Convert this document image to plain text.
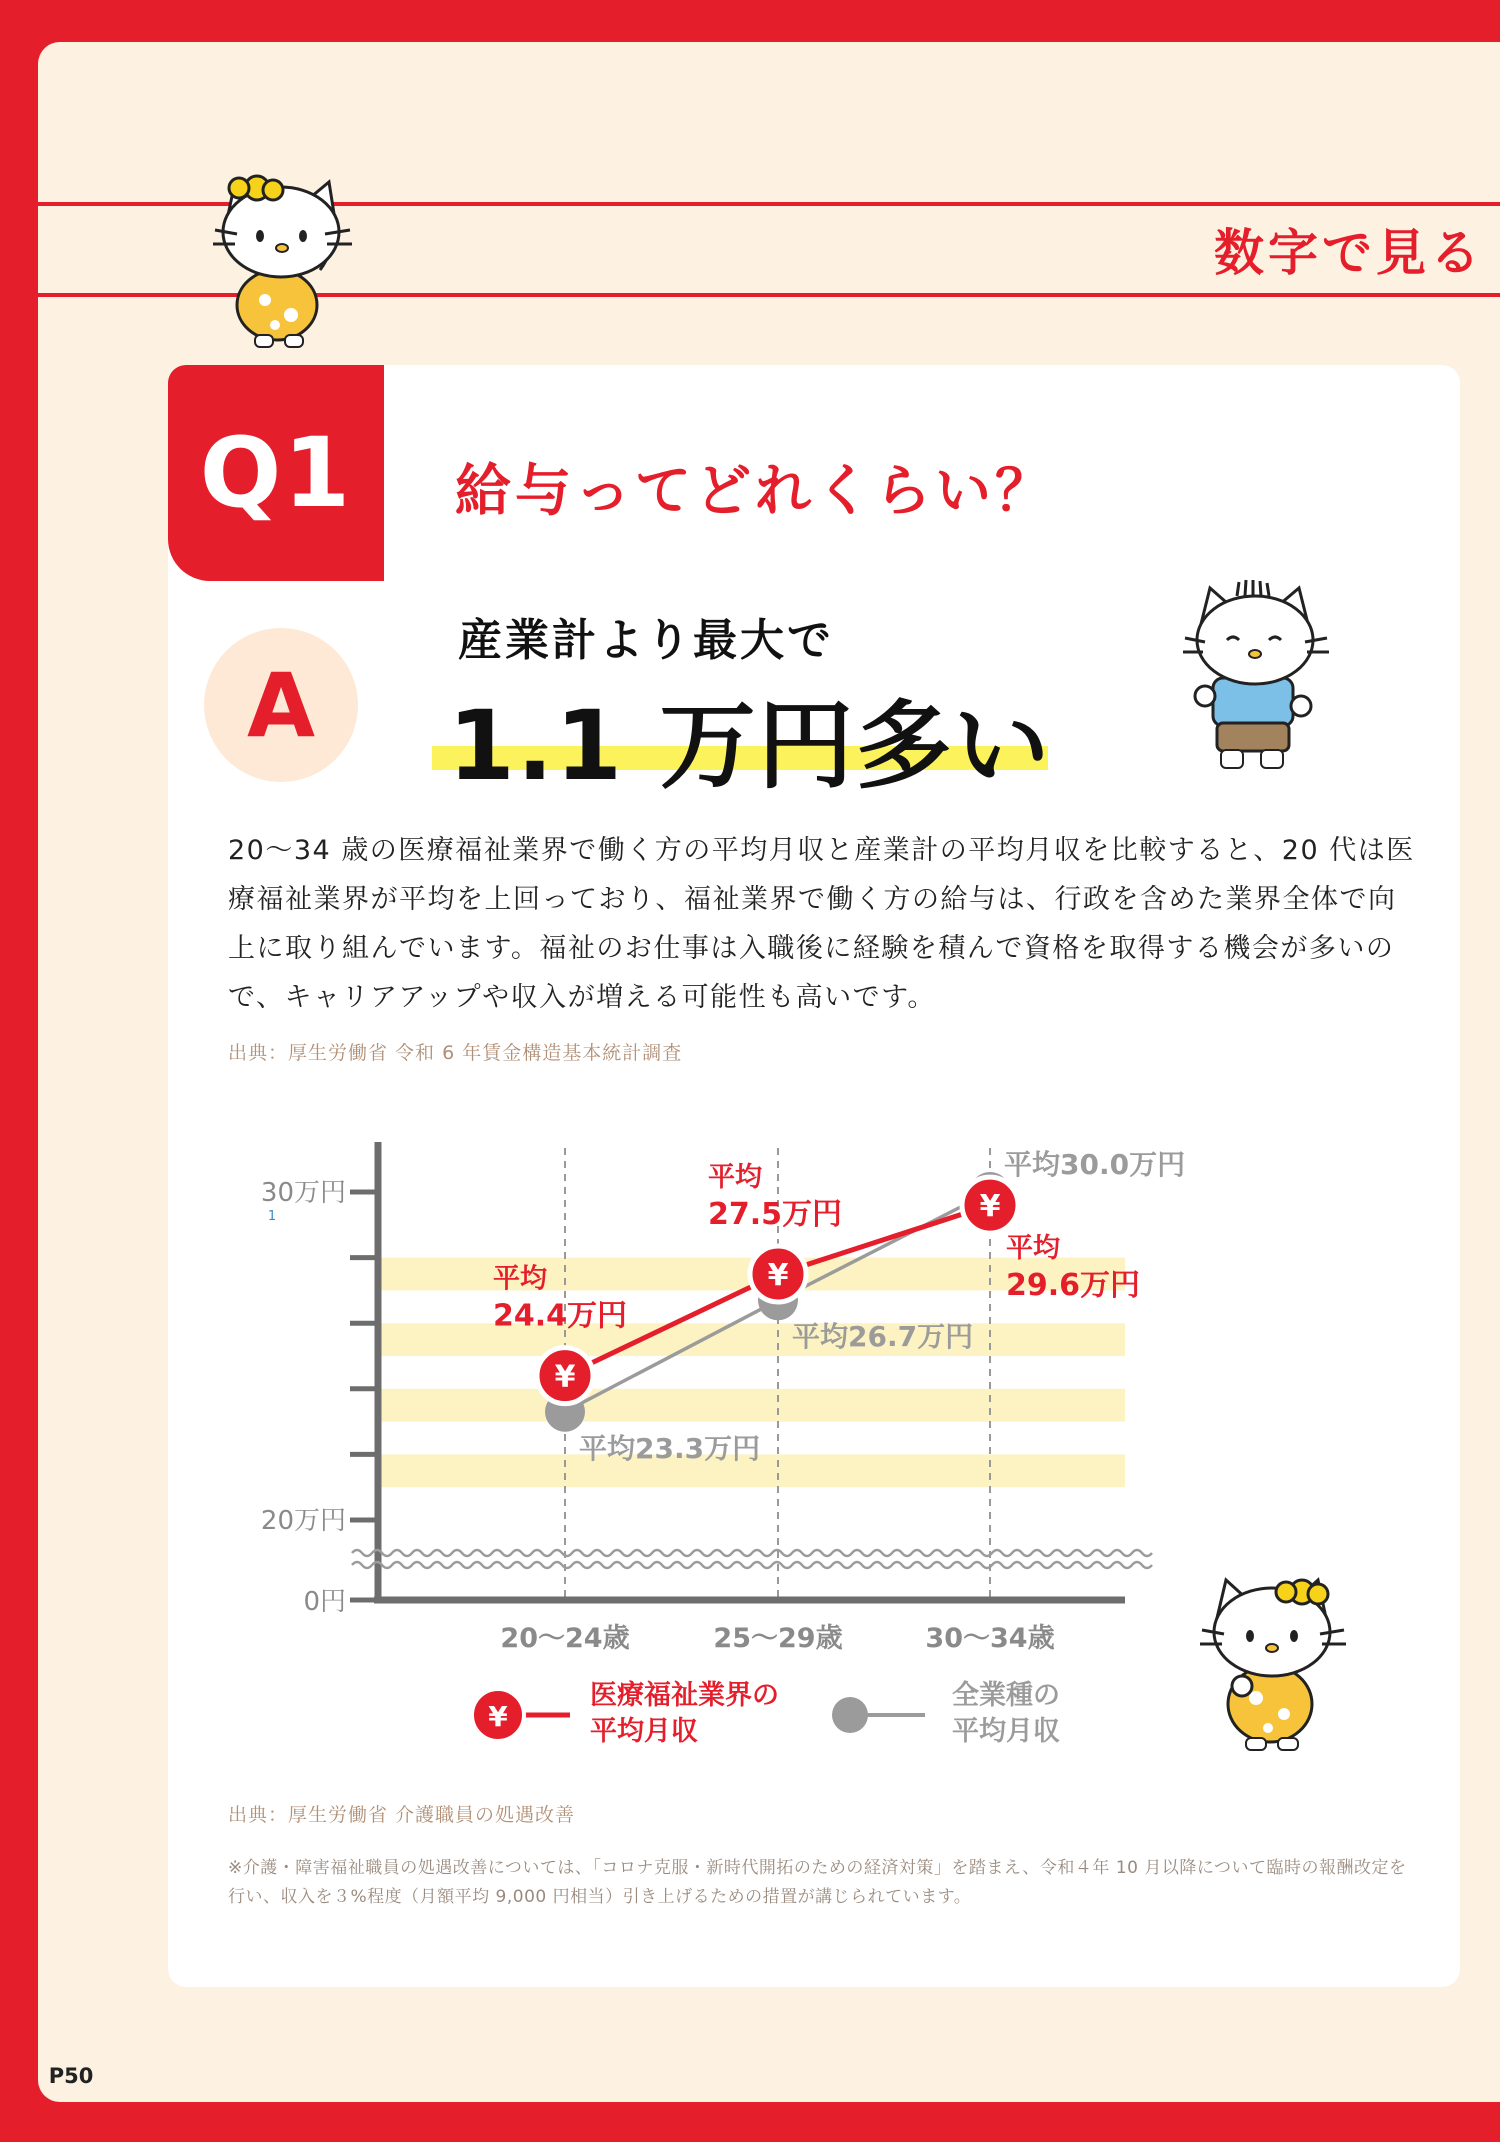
数字で見る
Q1 給与ってどれくらい？
A
産業計より最大で
1.1 万円多い

20～34 歳の医療福祉業界で働く方の平均月収と産業計の平均月収を比較すると、20 代は医療福祉業界が平均を上回っており、福祉業界で働く方の給与は、行政を含めた業界全体で向上に取り組んでいます。福祉のお仕事は入職後に経験を積んで資格を取得する機会が多いので、キャリアアップや収入が増える可能性も高いです。

出典：厚生労働省 令和 6 年賃金構造基本統計調査
30万円
20万円
0円
1
¥
¥
¥
平均
24.4万円
平均
27.5万円
平均
29.6万円
平均23.3万円
平均26.7万円
平均30.0万円
20～24歳	25～29歳	30～34歳
¥
医療福祉業界の
平均月収
全業種の
平均月収
出典：厚生労働省 介護職員の処遇改善

※介護・障害福祉職員の処遇改善については、「コロナ克服・新時代開拓のための経済対策」を踏まえ、令和４年 10 月以降について臨時の報酬改定を行い、収入を３%程度（月額平均 9,000 円相当）引き上げるための措置が講じられています。

P50
